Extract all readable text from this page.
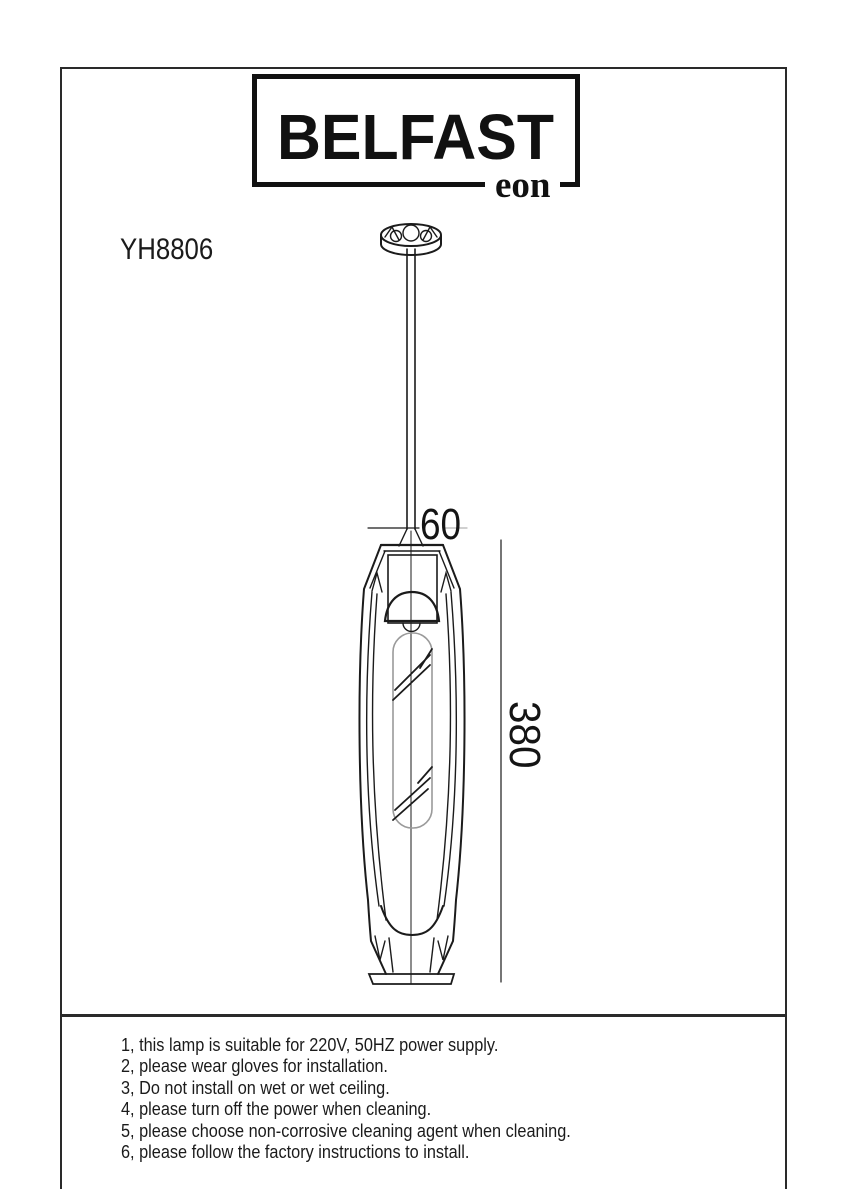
BELFAST
eon
YH8806
60
380
1, this lamp is suitable for 220V, 50HZ power supply.
2, please wear gloves for installation.
3, Do not install on wet or wet ceiling.
4, please turn off the power when cleaning.
5, please choose non-corrosive cleaning agent when cleaning.
6, please follow the factory instructions to install.
